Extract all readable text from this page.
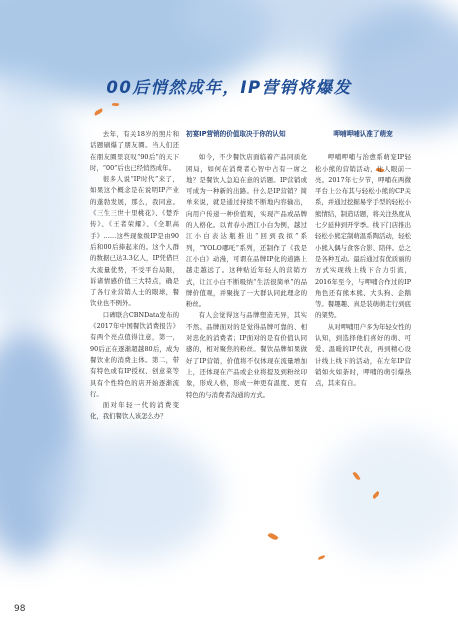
00后悄然成年，IP营销将爆发

去年，有关18岁的照片和话题刷爆了朋友圈。当人们还在朋友圈里哀叹“90后”的天下时，“00”后也已经悄然成年。

很多人说“IP时代”来了，如果这个概念是在说明IP产业的蓬勃发展，那么，我同意。《三生三世十里桃花》、《楚乔传》、《王者荣耀》、《全职高手》……这些现象级IP是由90后和00后捧起来的。这个人群的数据已达3.3亿人，IP凭借巨大流量优势，不受平台局限，诉诸情感价值三大特点，确是了各行业营销人士的眼球，餐饮业也不例外。

口碑联合CBNData发布的《2017年中国餐饮消费报告》有两个亮点值得注意，第一，90后正在逐渐超越80后，成为餐饮业的消费主体。第二，带有特色或有IP授权、创意菜等具有个性特色的店开始逐渐流行。

面对年轻一代的消费变化，我们餐饮人该怎么办？

初宴IP营销的价值取决于你的认知

如今，不少餐饮店面临着产品同质化困局，如何在消费者心智中占有一席之地？是餐饮人急迫在意的话题。IP营销或可成为一种新的出路。什么是IP营销？简单来说，就是通过持续不断地内容输出，向用户传递一种价值观，实现产品或品牌的人格化。以青春小酒江小白为例，越过江小白表达瓶推出“回到我拟”系列，“YOLO哪吒”系列，还制作了《我是江小白》动漫，可谓在品牌IP化的道路上越走越远了。这种贴近年轻人的营销方式，让江小白不断吸纳“生活很简单”的品牌价值观，并聚拢了一大群认同此理念的粉丝。

有人会觉得这与品牌塑造无异，其实不然。品牌面对的是觉得品牌可靠的、相对忠化的消费者；IP面对的是有价值认同感的，相对聚焦的粉丝。餐饮品牌如果做好了IP营销，价值将不仅体现在流量增加上，还体现在产品或企业将提及到粉丝印象，形成人格，形成一种更有温度、更有特色的与消费者沟通的方式。

呷哺呷哺认准了萌宠

呷哺呷哺与治愈系萌宠IP轻松小熊的营销活动，让人眼前一亮。2017年七夕节，呷哺在两微平台上公布其与轻松小熊的CP关系，并通过挖掘易学手型的轻松小熊情结，制造话题，将关注热度从七夕延伸到开学季。线下门店推出轻松小熊定制萌温系陶活动，轻松小熊入偶与食客合影、陪伴。总之是各种互动。最后通过有优质丽的方式实现线上线下合力引流，2016年至今，与呷哺合作过的IP角色还有熊本熊、大头狗、企鹅等。餐趣趣、真是装萌萌走行到底的架势。

从对呷哺用户多为年轻女性的认知，到选择他们喜好的萌、可爱、温暖的IP代表，再到精心设计线上线下的活动，在左年IP营销如火如荼时，呷哺的萌引爆热点，其来有自。

98
